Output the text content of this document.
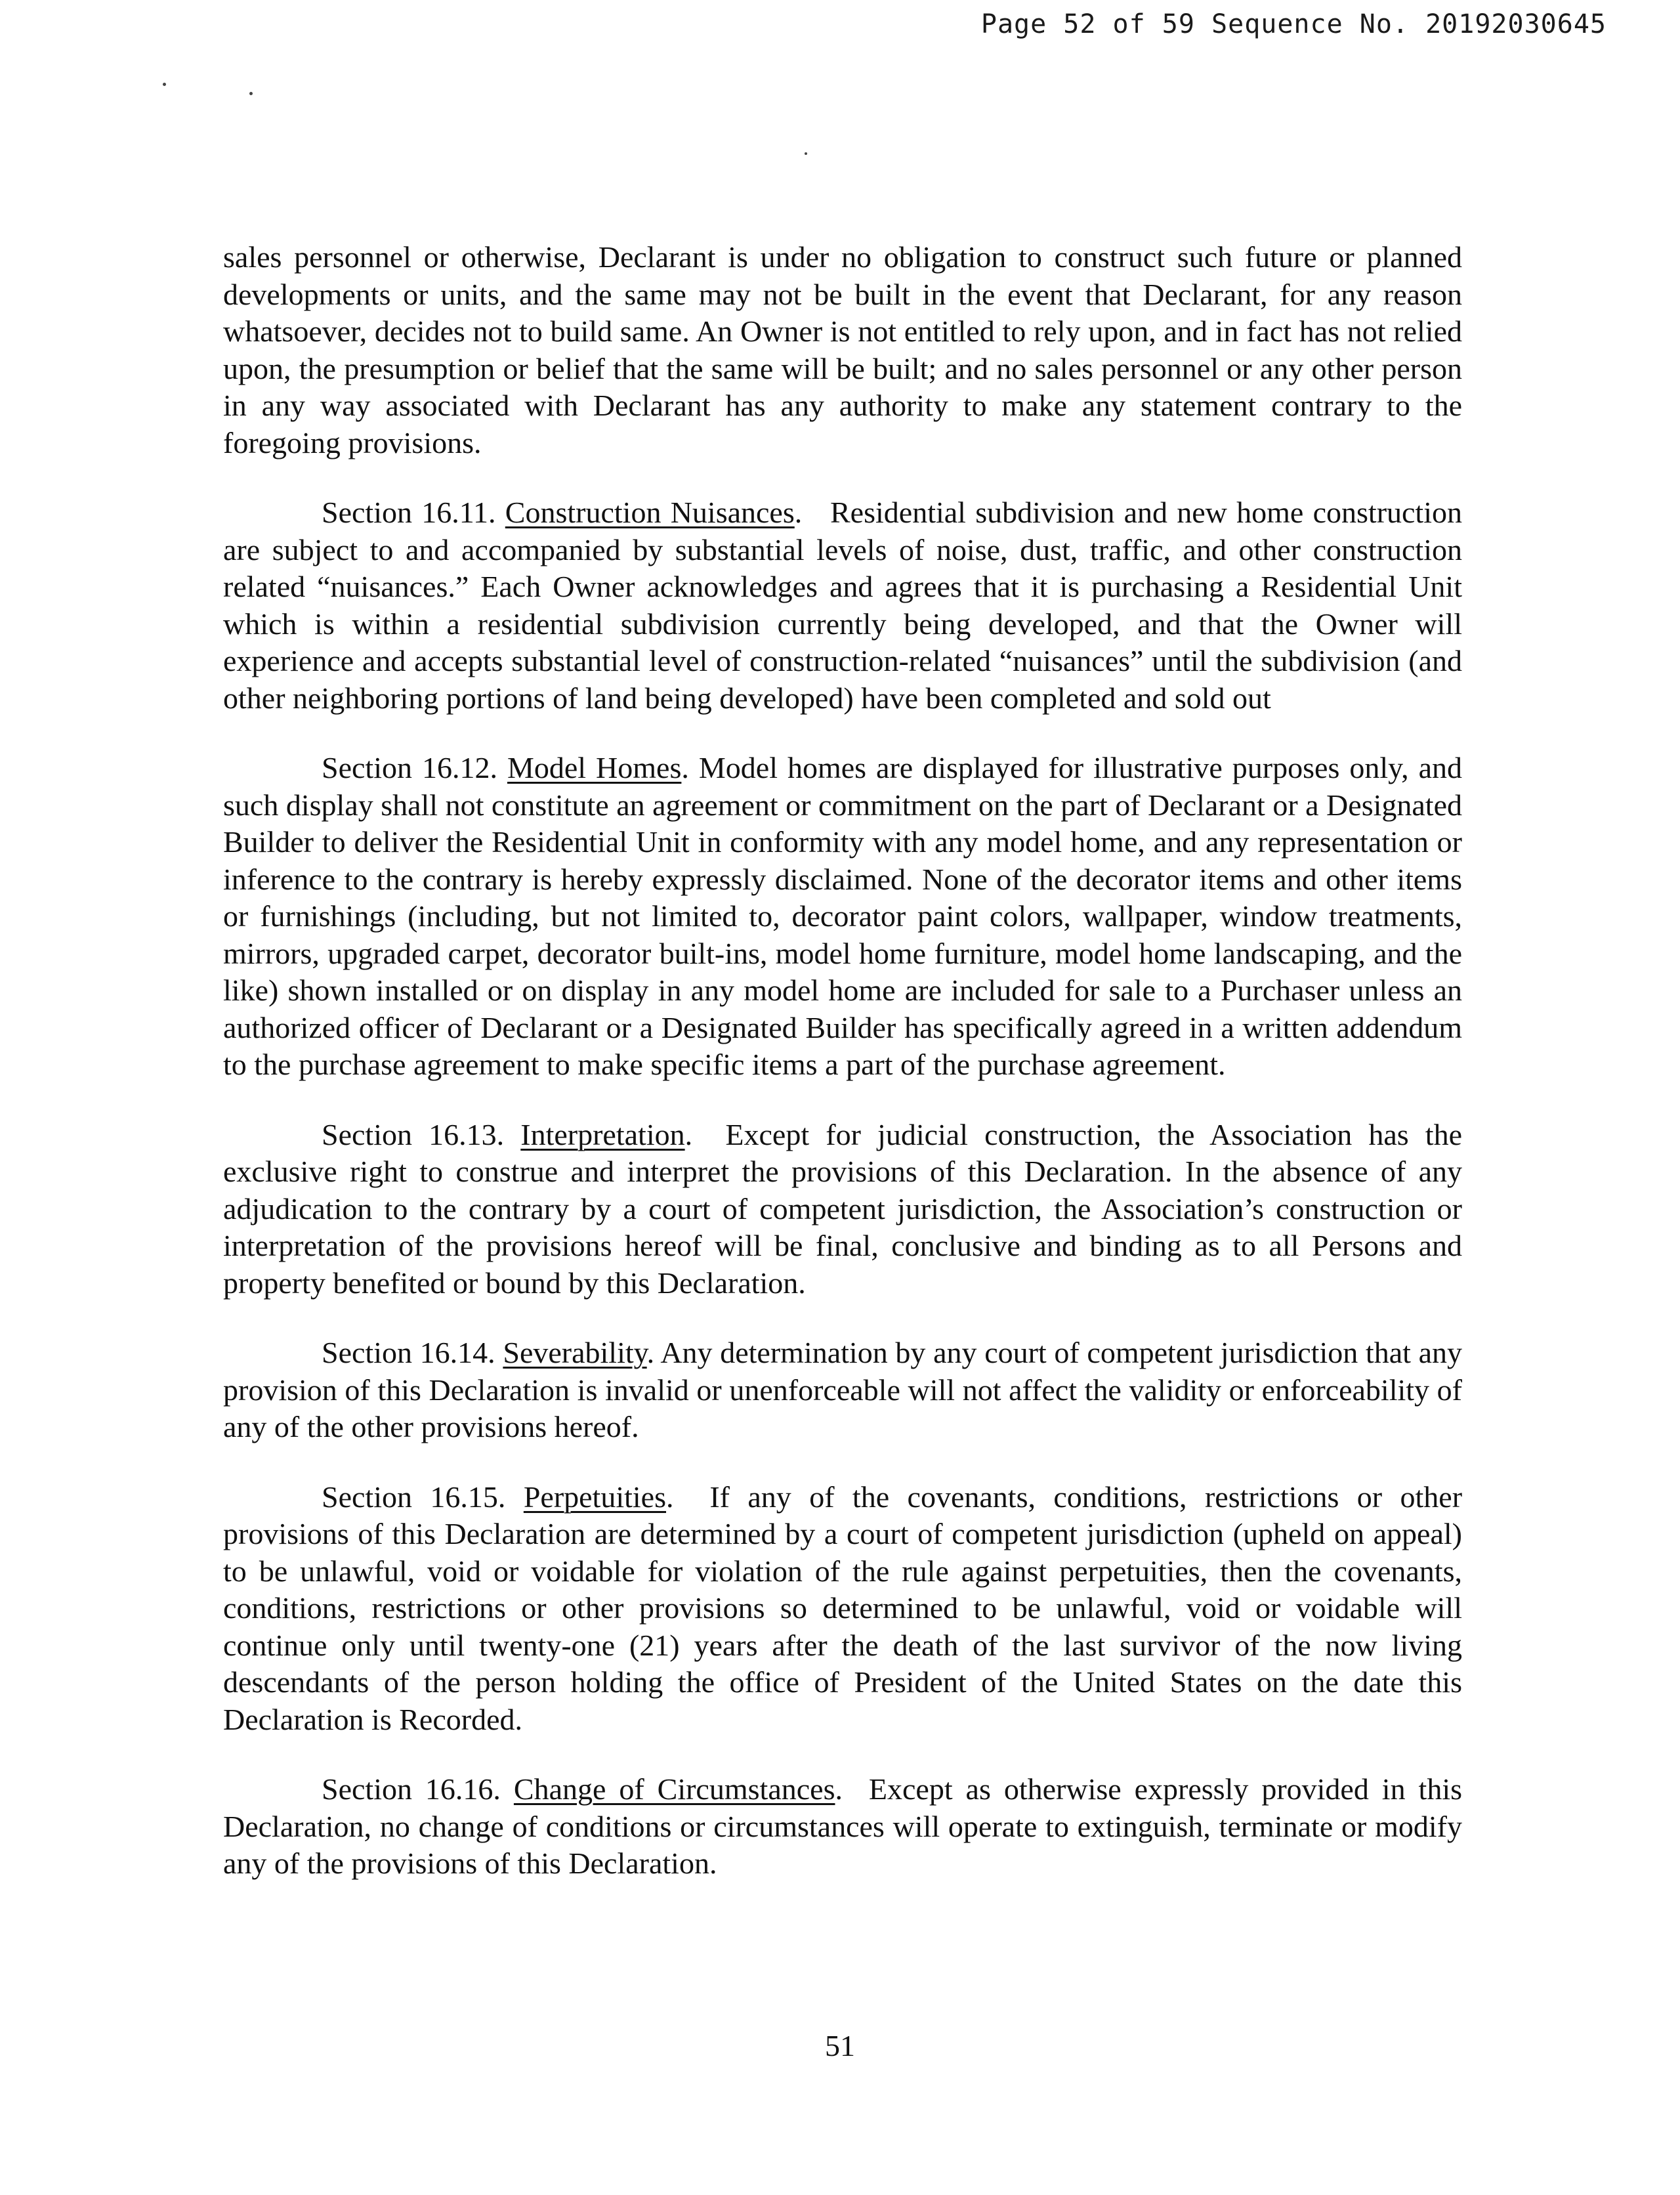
Page 52 of 59 Sequence No. 20192030645

sales personnel or otherwise, Declarant is under no obligation to construct such future or planned developments or units, and the same may not be built in the event that Declarant, for any reason whatsoever, decides not to build same. An Owner is not entitled to rely upon, and in fact has not relied upon, the presumption or belief that the same will be built; and no sales personnel or any other person in any way associated with Declarant has any authority to make any statement contrary to the foregoing provisions.

Section 16.11. Construction Nuisances.   Residential subdivision and new home construction are subject to and accompanied by substantial levels of noise, dust, traffic, and other construction related “nuisances.” Each Owner acknowledges and agrees that it is purchasing a Residential Unit which is within a residential subdivision currently being developed, and that the Owner will experience and accepts substantial level of construction-related “nuisances” until the subdivision (and other neighboring portions of land being developed) have been completed and sold out

Section 16.12. Model Homes. Model homes are displayed for illustrative purposes only, and such display shall not constitute an agreement or commitment on the part of Declarant or a Designated Builder to deliver the Residential Unit in conformity with any model home, and any representation or inference to the contrary is hereby expressly disclaimed. None of the decorator items and other items or furnishings (including, but not limited to, decorator paint colors, wallpaper, window treatments, mirrors, upgraded carpet, decorator built-ins, model home furniture, model home landscaping, and the like) shown installed or on display in any model home are included for sale to a Purchaser unless an authorized officer of Declarant or a Designated Builder has specifically agreed in a written addendum to the purchase agreement to make specific items a part of the purchase agreement.

Section 16.13. Interpretation.  Except for judicial construction, the Association has the exclusive right to construe and interpret the provisions of this Declaration. In the absence of any adjudication to the contrary by a court of competent jurisdiction, the Association’s construction or interpretation of the provisions hereof will be final, conclusive and binding as to all Persons and property benefited or bound by this Declaration.

Section 16.14. Severability. Any determination by any court of competent jurisdiction that any provision of this Declaration is invalid or unenforceable will not affect the validity or enforceability of any of the other provisions hereof.

Section 16.15. Perpetuities.  If any of the covenants, conditions, restrictions or other provisions of this Declaration are determined by a court of competent jurisdiction (upheld on appeal) to be unlawful, void or voidable for violation of the rule against perpetuities, then the covenants, conditions, restrictions or other provisions so determined to be unlawful, void or voidable will continue only until twenty-one (21) years after the death of the last survivor of the now living descendants of the person holding the office of President of the United States on the date this Declaration is Recorded.

Section 16.16. Change of Circumstances.  Except as otherwise expressly provided in this Declaration, no change of conditions or circumstances will operate to extinguish, terminate or modify any of the provisions of this Declaration.

51
